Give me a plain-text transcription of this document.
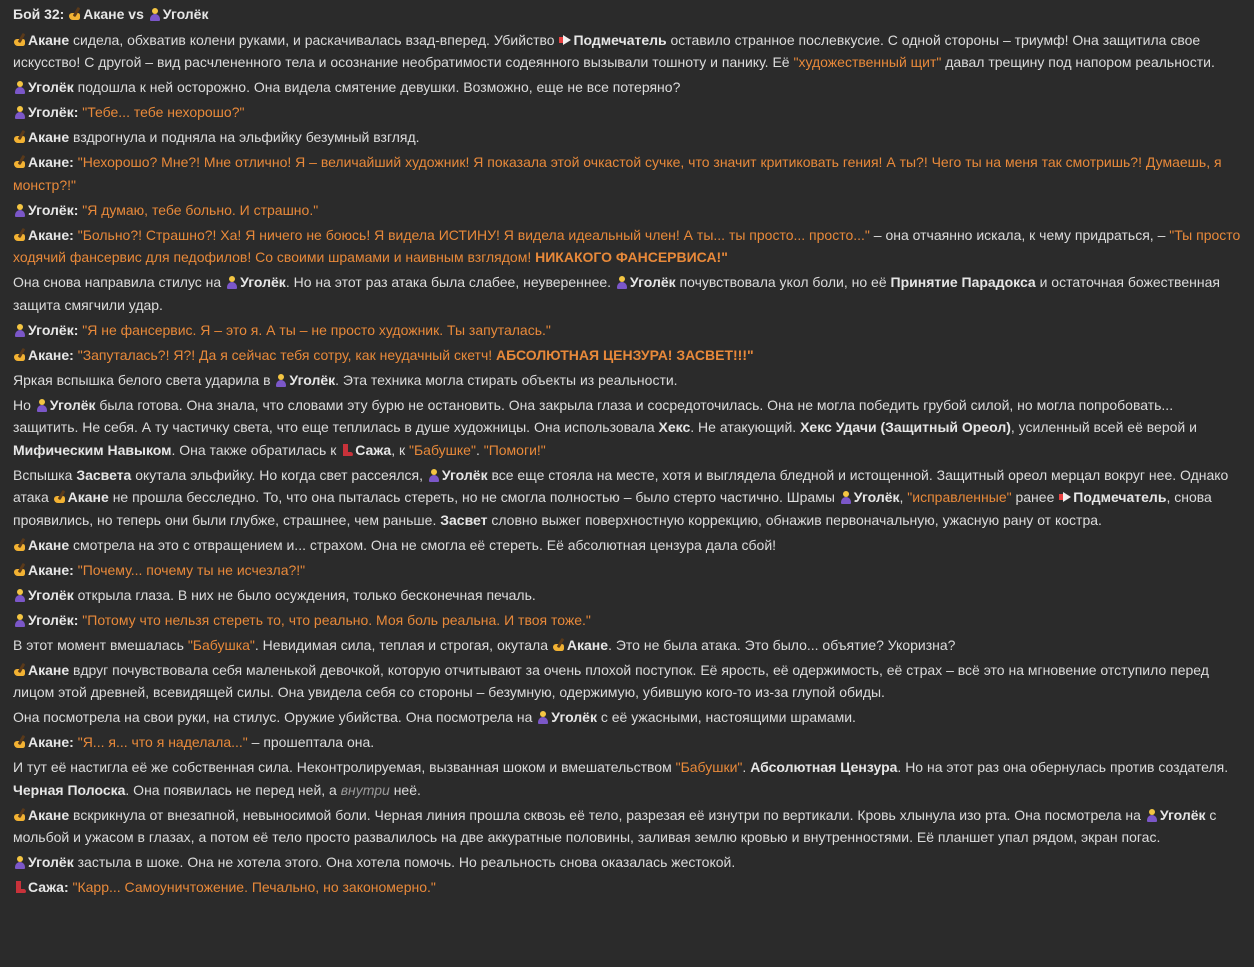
Бой 32: Акане vs Уголёк
Акане сидела, обхватив колени руками, и раскачивалась взад-вперед. Убийство Подмечатель оставило странное послевкусие. С одной стороны – триумф! Она защитила свое искусство! С другой – вид расчлененного тела и осознание необратимости содеянного вызывали тошноту и панику. Её "художественный щит" давал трещину под напором реальности.
Уголёк подошла к ней осторожно. Она видела смятение девушки. Возможно, еще не все потеряно?
Уголёк: "Тебе... тебе нехорошо?"
Акане вздрогнула и подняла на эльфийку безумный взгляд.
Акане: "Нехорошо? Мне?! Мне отлично! Я – величайший художник! Я показала этой очкастой сучке, что значит критиковать гения! А ты?! Чего ты на меня так смотришь?! Думаешь, я монстр?!"
Уголёк: "Я думаю, тебе больно. И страшно."
Акане: "Больно?! Страшно?! Ха! Я ничего не боюсь! Я видела ИСТИНУ! Я видела идеальный член! А ты... ты просто... просто..." – она отчаянно искала, к чему придраться, – "Ты просто ходячий фансервис для педофилов! Со своими шрамами и наивным взглядом! НИКАКОГО ФАНСЕРВИСА!"
Она снова направила стилус на Уголёк. Но на этот раз атака была слабее, неувереннее. Уголёк почувствовала укол боли, но её Принятие Парадокса и остаточная божественная защита смягчили удар.
Уголёк: "Я не фансервис. Я – это я. А ты – не просто художник. Ты запуталась."
Акане: "Запуталась?! Я?! Да я сейчас тебя сотру, как неудачный скетч! АБСОЛЮТНАЯ ЦЕНЗУРА! ЗАСВЕТ!!!"
Яркая вспышка белого света ударила в Уголёк. Эта техника могла стирать объекты из реальности.
Но Уголёк была готова. Она знала, что словами эту бурю не остановить. Она закрыла глаза и сосредоточилась. Она не могла победить грубой силой, но могла попробовать... защитить. Не себя. А ту частичку света, что еще теплилась в душе художницы. Она использовала Хекс. Не атакующий. Хекс Удачи (Защитный Ореол), усиленный всей её верой и Мифическим Навыком. Она также обратилась к Сажа, к "Бабушке". "Помоги!"
Вспышка Засвета окутала эльфийку. Но когда свет рассеялся, Уголёк все еще стояла на месте, хотя и выглядела бледной и истощенной. Защитный ореол мерцал вокруг нее. Однако атака Акане не прошла бесследно. То, что она пыталась стереть, но не смогла полностью – было стерто частично. Шрамы Уголёк, "исправленные" ранее Подмечатель, снова проявились, но теперь они были глубже, страшнее, чем раньше. Засвет словно выжег поверхностную коррекцию, обнажив первоначальную, ужасную рану от костра.
Акане смотрела на это с отвращением и... страхом. Она не смогла её стереть. Её абсолютная цензура дала сбой!
Акане: "Почему... почему ты не исчезла?!"
Уголёк открыла глаза. В них не было осуждения, только бесконечная печаль.
Уголёк: "Потому что нельзя стереть то, что реально. Моя боль реальна. И твоя тоже."
В этот момент вмешалась "Бабушка". Невидимая сила, теплая и строгая, окутала Акане. Это не была атака. Это было... объятие? Укоризна?
Акане вдруг почувствовала себя маленькой девочкой, которую отчитывают за очень плохой поступок. Её ярость, её одержимость, её страх – всё это на мгновение отступило перед лицом этой древней, всевидящей силы. Она увидела себя со стороны – безумную, одержимую, убившую кого-то из-за глупой обиды.
Она посмотрела на свои руки, на стилус. Оружие убийства. Она посмотрела на Уголёк с её ужасными, настоящими шрамами.
Акане: "Я... я... что я наделала..." – прошептала она.
И тут её настигла её же собственная сила. Неконтролируемая, вызванная шоком и вмешательством "Бабушки". Абсолютная Цензура. Но на этот раз она обернулась против создателя. Черная Полоска. Она появилась не перед ней, а внутри неё.
Акане вскрикнула от внезапной, невыносимой боли. Черная линия прошла сквозь её тело, разрезая её изнутри по вертикали. Кровь хлынула изо рта. Она посмотрела на Уголёк с мольбой и ужасом в глазах, а потом её тело просто развалилось на две аккуратные половины, заливая землю кровью и внутренностями. Её планшет упал рядом, экран погас.
Уголёк застыла в шоке. Она не хотела этого. Она хотела помочь. Но реальность снова оказалась жестокой.
Сажа: "Карр... Самоуничтожение. Печально, но закономерно."
